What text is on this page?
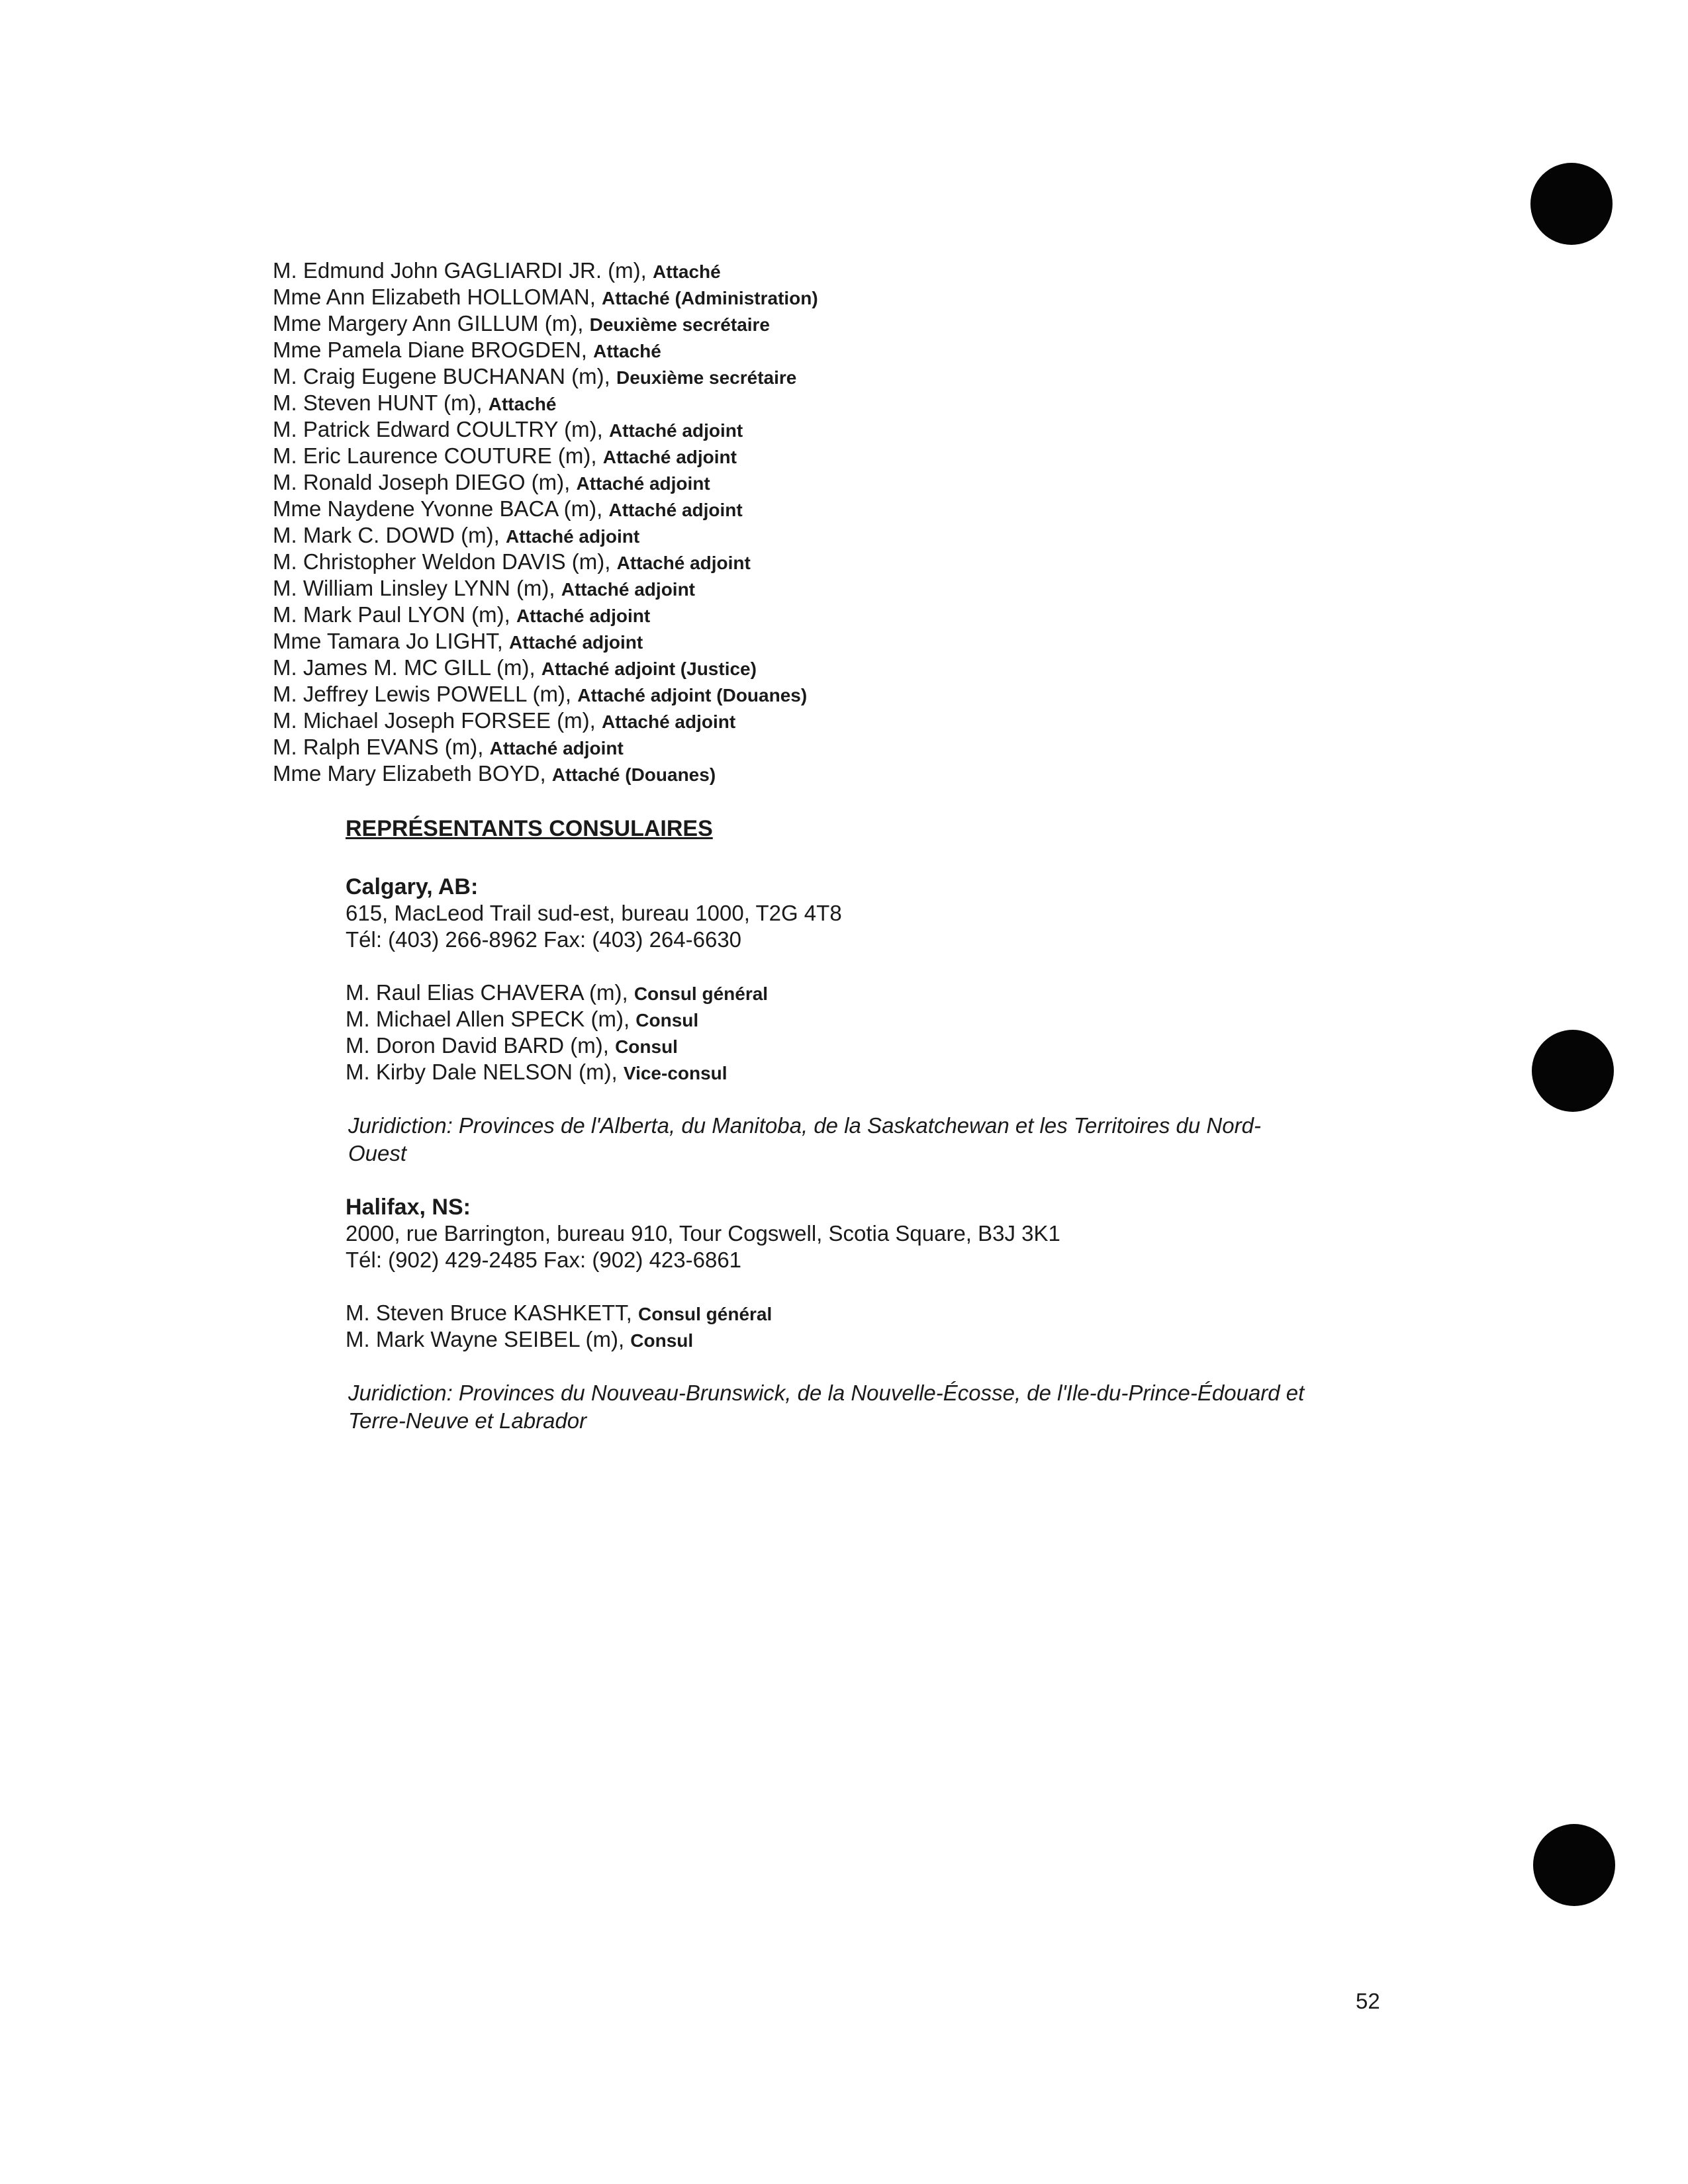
M. Edmund John GAGLIARDI JR. (m), Attaché
Mme Ann Elizabeth HOLLOMAN, Attaché (Administration)
Mme Margery Ann GILLUM (m), Deuxième secrétaire
Mme Pamela Diane BROGDEN, Attaché
M. Craig Eugene BUCHANAN (m), Deuxième secrétaire
M. Steven HUNT (m), Attaché
M. Patrick Edward COULTRY (m), Attaché adjoint
M. Eric Laurence COUTURE (m), Attaché adjoint
M. Ronald Joseph DIEGO (m), Attaché adjoint
Mme Naydene Yvonne BACA (m), Attaché adjoint
M. Mark C. DOWD (m), Attaché adjoint
M. Christopher Weldon DAVIS (m), Attaché adjoint
M. William Linsley LYNN (m), Attaché adjoint
M. Mark Paul LYON (m), Attaché adjoint
Mme Tamara Jo LIGHT, Attaché adjoint
M. James M. MC GILL (m), Attaché adjoint (Justice)
M. Jeffrey Lewis POWELL (m), Attaché adjoint (Douanes)
M. Michael Joseph FORSEE (m), Attaché adjoint
M. Ralph EVANS (m), Attaché adjoint
Mme Mary Elizabeth BOYD, Attaché (Douanes)
REPRÉSENTANTS CONSULAIRES
Calgary, AB:
615, MacLeod Trail sud-est, bureau 1000, T2G 4T8
Tél: (403) 266-8962 Fax: (403) 264-6630
M. Raul Elias CHAVERA (m), Consul général
M. Michael Allen SPECK (m), Consul
M. Doron David BARD (m), Consul
M. Kirby Dale NELSON (m), Vice-consul
Juridiction: Provinces de l'Alberta, du Manitoba, de la Saskatchewan et les Territoires du Nord-Ouest
Halifax, NS:
2000, rue Barrington, bureau 910, Tour Cogswell, Scotia Square, B3J 3K1
Tél: (902) 429-2485 Fax: (902) 423-6861
M. Steven Bruce KASHKETT, Consul général
M. Mark Wayne SEIBEL (m), Consul
Juridiction: Provinces du Nouveau-Brunswick, de la Nouvelle-Écosse, de l'Ile-du-Prince-Édouard et Terre-Neuve et Labrador
52
